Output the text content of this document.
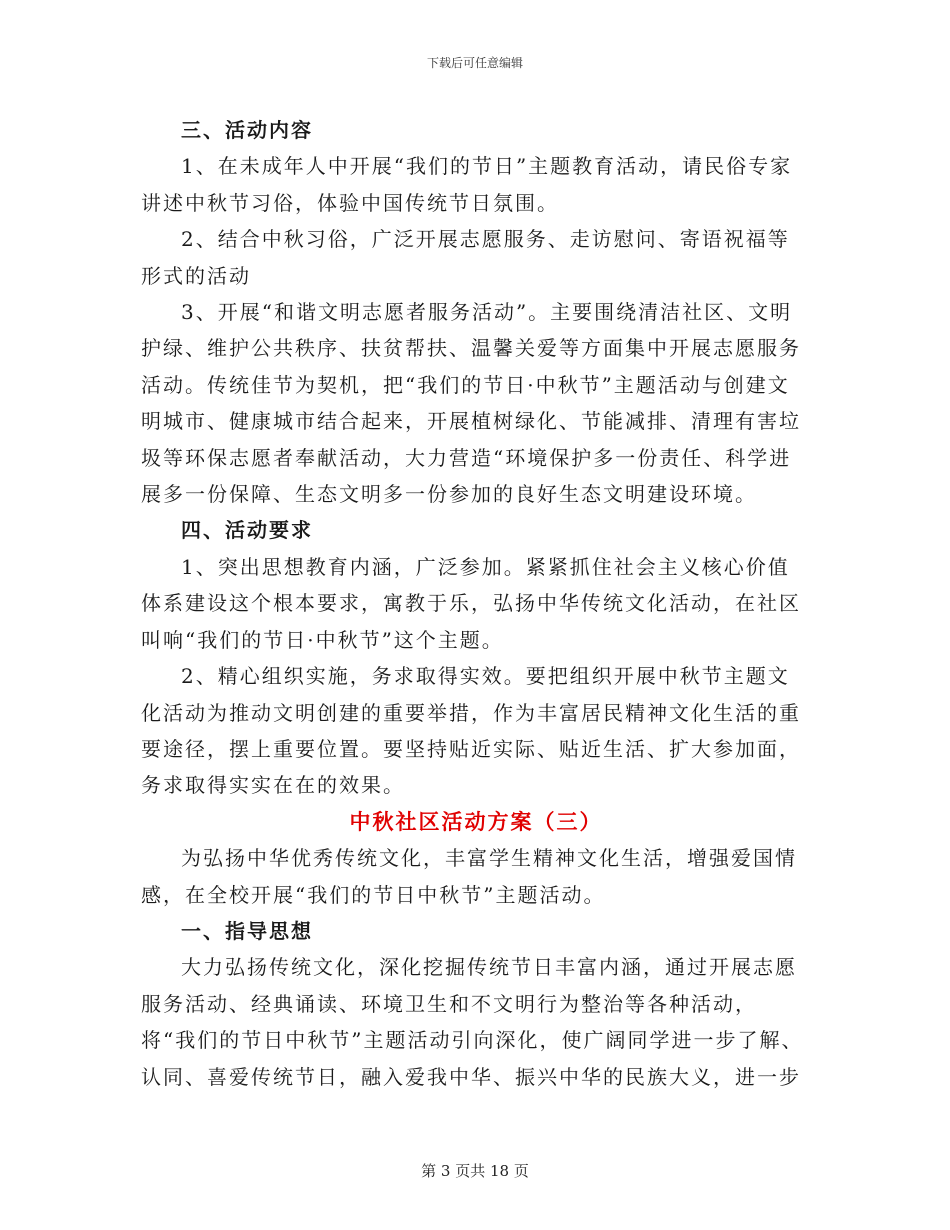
下载后可任意编辑

三、活动内容

1、在未成年人中开展“我们的节日”主题教育活动，请民俗专家讲述中秋节习俗，体验中国传统节日氛围。

2、结合中秋习俗，广泛开展志愿服务、走访慰问、寄语祝福等形式的活动

3、开展“和谐文明志愿者服务活动”。主要围绕清洁社区、文明护绿、维护公共秩序、扶贫帮扶、温馨关爱等方面集中开展志愿服务活动。传统佳节为契机，把“我们的节日·中秋节”主题活动与创建文明城市、健康城市结合起来，开展植树绿化、节能减排、清理有害垃圾等环保志愿者奉献活动，大力营造“环境保护多一份责任、科学进展多一份保障、生态文明多一份参加的良好生态文明建设环境。

四、活动要求

1、突出思想教育内涵，广泛参加。紧紧抓住社会主义核心价值体系建设这个根本要求，寓教于乐，弘扬中华传统文化活动，在社区叫响“我们的节日·中秋节”这个主题。

2、精心组织实施，务求取得实效。要把组织开展中秋节主题文化活动为推动文明创建的重要举措，作为丰富居民精神文化生活的重要途径，摆上重要位置。要坚持贴近实际、贴近生活、扩大参加面，务求取得实实在在的效果。

中秋社区活动方案（三）

为弘扬中华优秀传统文化，丰富学生精神文化生活，增强爱国情感，在全校开展“我们的节日中秋节”主题活动。

一、指导思想

大力弘扬传统文化，深化挖掘传统节日丰富内涵，通过开展志愿服务活动、经典诵读、环境卫生和不文明行为整治等各种活动，将“我们的节日中秋节”主题活动引向深化，使广阔同学进一步了解、认同、喜爱传统节日，融入爱我中华、振兴中华的民族大义，进一步

第 3 页共 18 页
